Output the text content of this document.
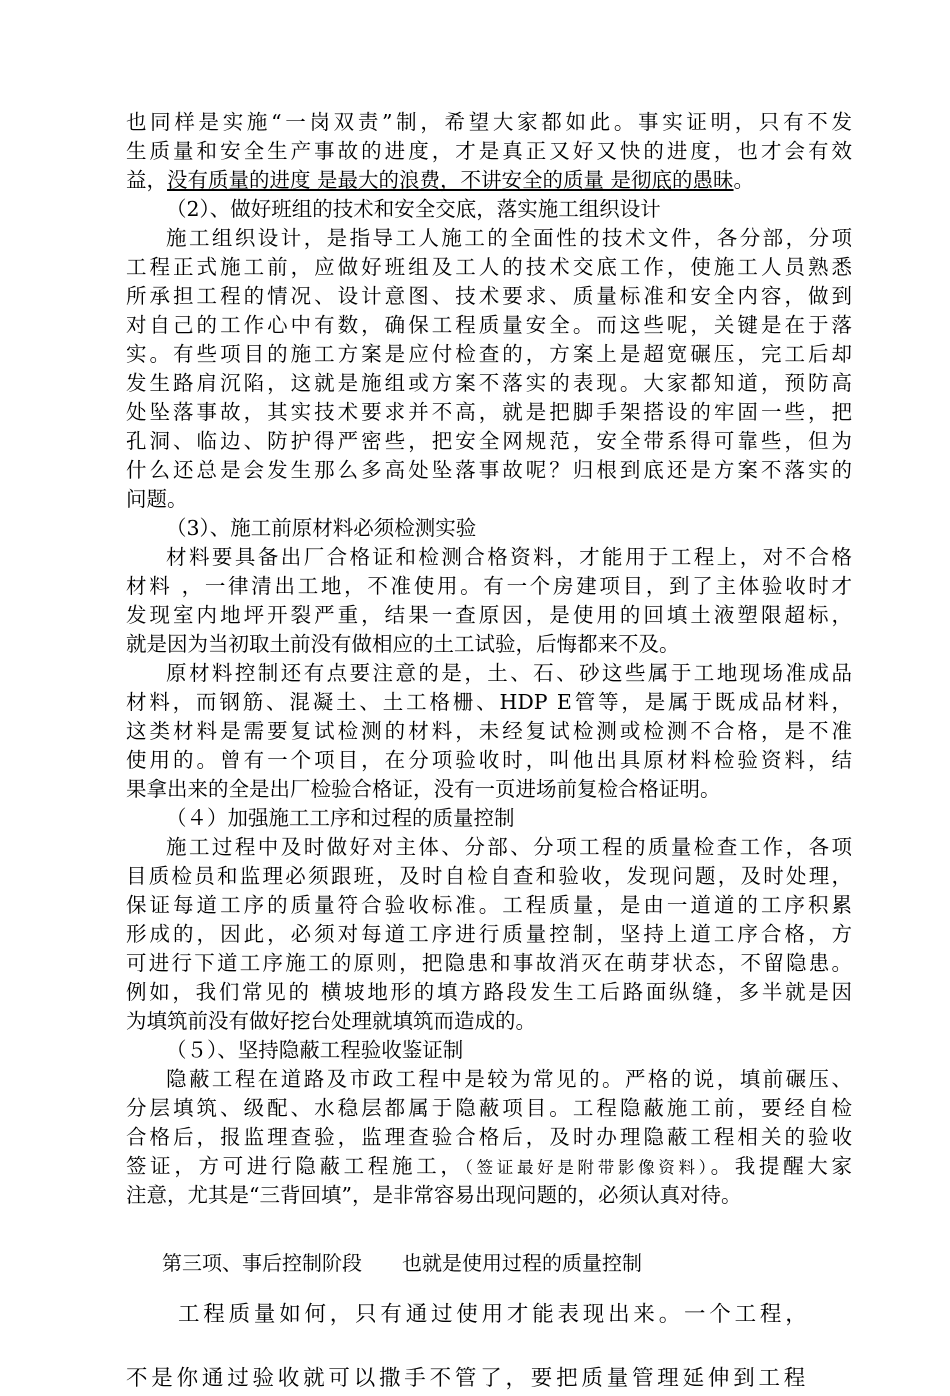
也同样是实施“一岗双责”制，希望大家都如此。事实证明，只有不发
生质量和安全生产事故的进度，才是真正又好又快的进度，也才会有效
益，没有质量的进度 是最大的浪费，不讲安全的质量 是彻底的愚昧。
（2）、做好班组的技术和安全交底，落实施工组织设计
施工组织设计，是指导工人施工的全面性的技术文件，各分部，分项
工程正式施工前，应做好班组及工人的技术交底工作，使施工人员熟悉
所承担工程的情况、设计意图、技术要求、质量标准和安全内容，做到
对自己的工作心中有数，确保工程质量安全。而这些呢，关键是在于落
实。有些项目的施工方案是应付检查的，方案上是超宽碾压，完工后却
发生路肩沉陷，这就是施组或方案不落实的表现。大家都知道，预防高
处坠落事故，其实技术要求并不高，就是把脚手架搭设的牢固一些，把
孔洞、临边、防护得严密些，把安全网规范，安全带系得可靠些，但为
什么还总是会发生那么多高处坠落事故呢？归根到底还是方案不落实的
问题。
（3）、施工前原材料必须检测实验
材料要具备出厂合格证和检测合格资料，才能用于工程上，对不合格
材料 ，一律清出工地，不准使用。有一个房建项目，到了主体验收时才
发现室内地坪开裂严重，结果一查原因，是使用的回填土液塑限超标，
就是因为当初取土前没有做相应的土工试验，后悔都来不及。
原材料控制还有点要注意的是，土、石、砂这些属于工地现场准成品
材料，而钢筋、混凝土、土工格栅、HDP E管等，是属于既成品材料，
这类材料是需要复试检测的材料，未经复试检测或检测不合格，是不准
使用的。曾有一个项目，在分项验收时，叫他出具原材料检验资料，结
果拿出来的全是出厂检验合格证，没有一页进场前复检合格证明。
（４）加强施工工序和过程的质量控制
施工过程中及时做好对主体、分部、分项工程的质量检查工作，各项
目质检员和监理必须跟班，及时自检自查和验收，发现问题，及时处理，
保证每道工序的质量符合验收标准。工程质量，是由一道道的工序积累
形成的，因此，必须对每道工序进行质量控制，坚持上道工序合格，方
可进行下道工序施工的原则，把隐患和事故消灭在萌芽状态，不留隐患。
例如，我们常见的 横坡地形的填方路段发生工后路面纵缝，多半就是因
为填筑前没有做好挖台处理就填筑而造成的。
（５）、坚持隐蔽工程验收鉴证制
隐蔽工程在道路及市政工程中是较为常见的。严格的说，填前碾压、
分层填筑、级配、水稳层都属于隐蔽项目。工程隐蔽施工前，要经自检
合格后，报监理查验，监理查验合格后，及时办理隐蔽工程相关的验收
签证，方可进行隐蔽工程施工，（签证最好是附带影像资料）。我提醒大家
注意，尤其是“三背回填”，是非常容易出现问题的，必须认真对待。
第三项、事后控制阶段 也就是使用过程的质量控制
工程质量如何，只有通过使用才能表现出来。一个工程，
不是你通过验收就可以撒手不管了，要把质量管理延伸到工程
